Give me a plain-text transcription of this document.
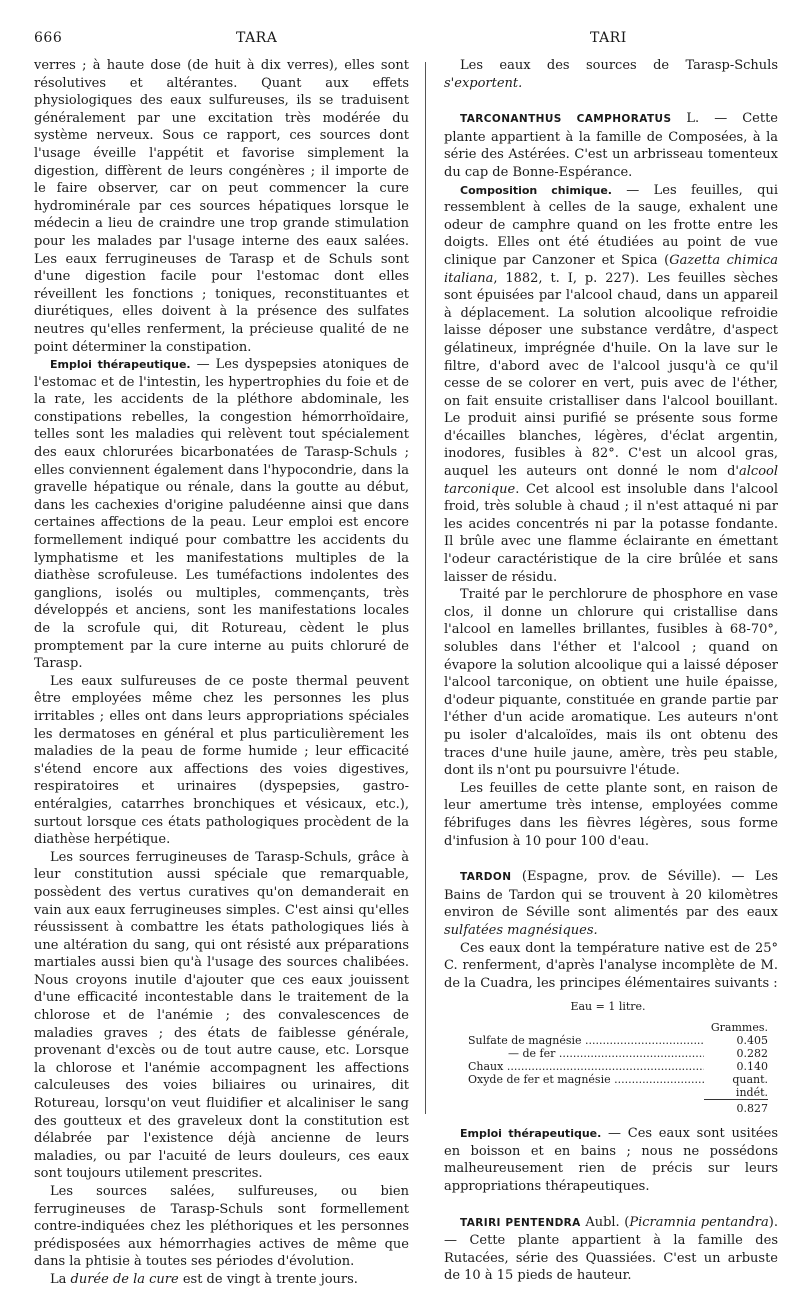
666	TARA	TARI

verres ; à haute dose (de huit à dix verres), elles sont résolutives et altérantes. Quant aux effets physiologiques des eaux sulfureuses, ils se traduisent généralement par une excitation très modérée du système nerveux. Sous ce rapport, ces sources dont l'usage éveille l'appétit et favorise simplement la digestion, diffèrent de leurs congénères ; il importe de le faire observer, car on peut commencer la cure hydrominérale par ces sources hépatiques lorsque le médecin a lieu de craindre une trop grande stimulation pour les malades par l'usage interne des eaux salées. Les eaux ferrugineuses de Tarasp et de Schuls sont d'une digestion facile pour l'estomac dont elles réveillent les fonctions ; toniques, reconstituantes et diurétiques, elles doivent à la présence des sulfates neutres qu'elles renferment, la précieuse qualité de ne point déterminer la constipation.

Emploi thérapeutique. — Les dyspepsies atoniques de l'estomac et de l'intestin, les hypertrophies du foie et de la rate, les accidents de la pléthore abdominale, les constipations rebelles, la congestion hémorrhoïdaire, telles sont les maladies qui relèvent tout spécialement des eaux chlorurées bicarbonatées de Tarasp-Schuls ; elles conviennent également dans l'hypocondrie, dans la gravelle hépatique ou rénale, dans la goutte au début, dans les cachexies d'origine paludéenne ainsi que dans certaines affections de la peau. Leur emploi est encore formellement indiqué pour combattre les accidents du lymphatisme et les manifestations multiples de la diathèse scrofuleuse. Les tuméfactions indolentes des ganglions, isolés ou multiples, commençants, très développés et anciens, sont les manifestations locales de la scrofule qui, dit Rotureau, cèdent le plus promptement par la cure interne au puits chloruré de Tarasp.

Les eaux sulfureuses de ce poste thermal peuvent être employées même chez les personnes les plus irritables ; elles ont dans leurs appropriations spéciales les dermatoses en général et plus particulièrement les maladies de la peau de forme humide ; leur efficacité s'étend encore aux affections des voies digestives, respiratoires et urinaires (dyspepsies, gastro-entéralgies, catarrhes bronchiques et vésicaux, etc.), surtout lorsque ces états pathologiques procèdent de la diathèse herpétique.

Les sources ferrugineuses de Tarasp-Schuls, grâce à leur constitution aussi spéciale que remarquable, possèdent des vertus curatives qu'on demanderait en vain aux eaux ferrugineuses simples. C'est ainsi qu'elles réussissent à combattre les états pathologiques liés à une altération du sang, qui ont résisté aux préparations martiales aussi bien qu'à l'usage des sources chalibées. Nous croyons inutile d'ajouter que ces eaux jouissent d'une efficacité incontestable dans le traitement de la chlorose et de l'anémie ; des convalescences de maladies graves ; des états de faiblesse générale, provenant d'excès ou de tout autre cause, etc. Lorsque la chlorose et l'anémie accompagnent les affections calculeuses des voies biliaires ou urinaires, dit Rotureau, lorsqu'on veut fluidifier et alcaliniser le sang des goutteux et des graveleux dont la constitution est délabrée par l'existence déjà ancienne de leurs maladies, ou par l'acuité de leurs douleurs, ces eaux sont toujours utilement prescrites.

Les sources salées, sulfureuses, ou bien ferrugineuses de Tarasp-Schuls sont formellement contre-indiquées chez les pléthoriques et les personnes prédisposées aux hémorrhagies actives de même que dans la phtisie à toutes ses périodes d'évolution.

La durée de la cure est de vingt à trente jours.

Les eaux des sources de Tarasp-Schuls s'exportent.

TARCONANTHUS CAMPHORATUS L. — Cette plante appartient à la famille de Composées, à la série des Astérées. C'est un arbrisseau tomenteux du cap de Bonne-Espérance.

Composition chimique. — Les feuilles, qui ressemblent à celles de la sauge, exhalent une odeur de camphre quand on les frotte entre les doigts. Elles ont été étudiées au point de vue clinique par Canzoner et Spica (Gazetta chimica italiana, 1882, t. I, p. 227). Les feuilles sèches sont épuisées par l'alcool chaud, dans un appareil à déplacement. La solution alcoolique refroidie laisse déposer une substance verdâtre, d'aspect gélatineux, imprégnée d'huile. On la lave sur le filtre, d'abord avec de l'alcool jusqu'à ce qu'il cesse de se colorer en vert, puis avec de l'éther, on fait ensuite cristalliser dans l'alcool bouillant. Le produit ainsi purifié se présente sous forme d'écailles blanches, légères, d'éclat argentin, inodores, fusibles à 82°. C'est un alcool gras, auquel les auteurs ont donné le nom d'alcool tarconique. Cet alcool est insoluble dans l'alcool froid, très soluble à chaud ; il n'est attaqué ni par les acides concentrés ni par la potasse fondante. Il brûle avec une flamme éclairante en émettant l'odeur caractéristique de la cire brûlée et sans laisser de résidu.

Traité par le perchlorure de phosphore en vase clos, il donne un chlorure qui cristallise dans l'alcool en lamelles brillantes, fusibles à 68-70°, solubles dans l'éther et l'alcool ; quand on évapore la solution alcoolique qui a laissé déposer l'alcool tarconique, on obtient une huile épaisse, d'odeur piquante, constituée en grande partie par l'éther d'un acide aromatique. Les auteurs n'ont pu isoler d'alcaloïdes, mais ils ont obtenu des traces d'une huile jaune, amère, très peu stable, dont ils n'ont pu poursuivre l'étude.

Les feuilles de cette plante sont, en raison de leur amertume très intense, employées comme fébrifuges dans les fièvres légères, sous forme d'infusion à 10 pour 100 d'eau.

TARDON (Espagne, prov. de Séville). — Les Bains de Tardon qui se trouvent à 20 kilomètres environ de Séville sont alimentés par des eaux sulfatées magnésiques.

Ces eaux dont la température native est de 25° C. renferment, d'après l'analyse incomplète de M. de la Cuadra, les principes élémentaires suivants :

Eau = 1 litre.
Grammes.
Sulfate de magnésie .....	0.405
— de fer .....	0.282
Chaux .....	0.140
Oxyde de fer et magnésie .....	quant. indét.
0.827

Emploi thérapeutique. — Ces eaux sont usitées en boisson et en bains ; nous ne possédons malheureusement rien de précis sur leurs appropriations thérapeutiques.

TARIRI PENTENDRA Aubl. (Picramnia pentandra). — Cette plante appartient à la famille des Rutacées, série des Quassiées. C'est un arbuste de 10 à 15 pieds de hauteur.
